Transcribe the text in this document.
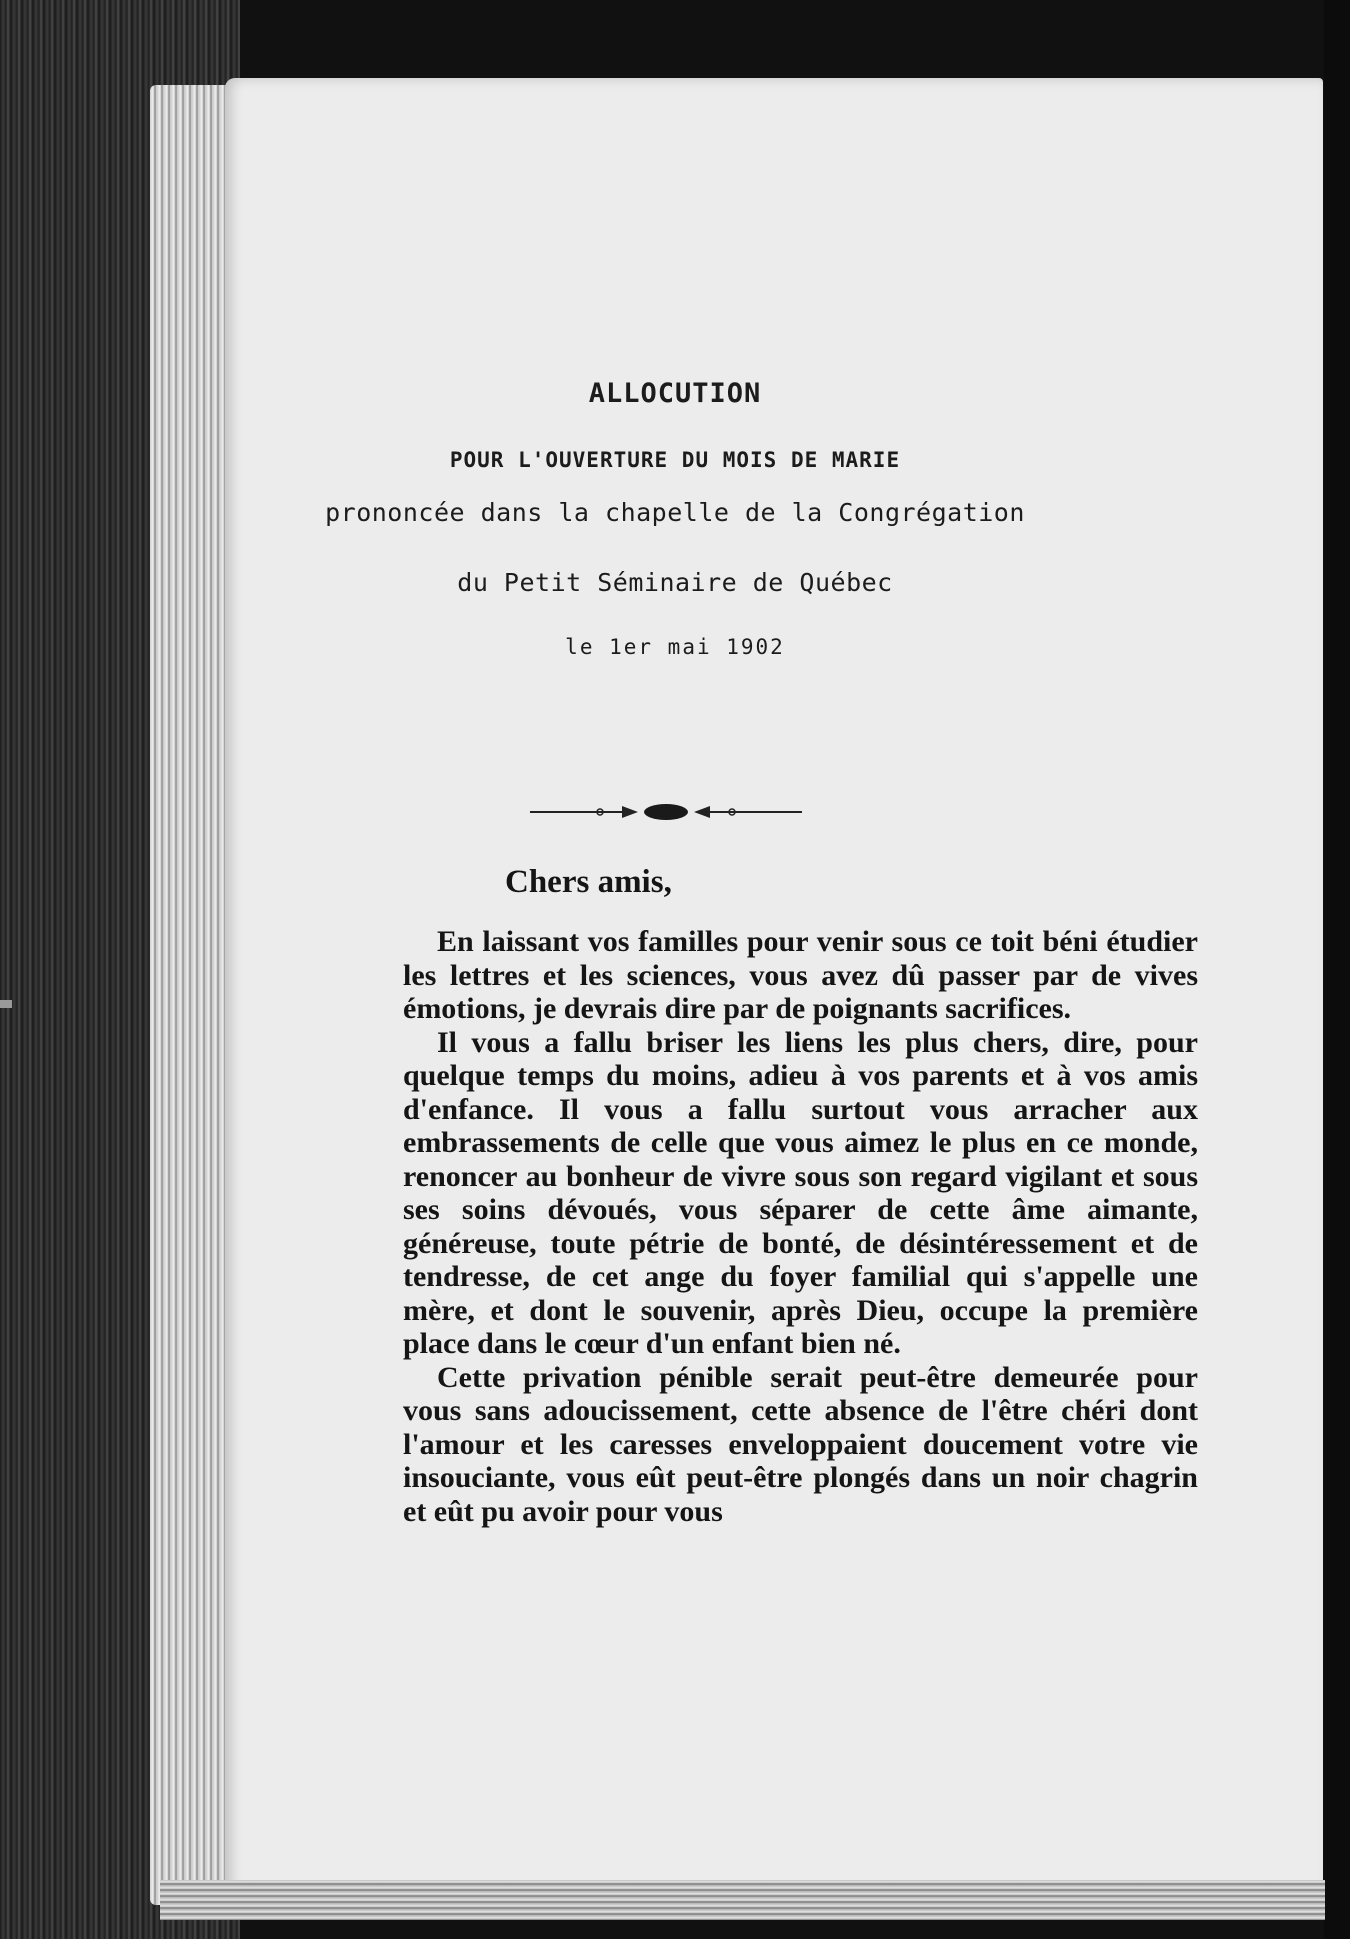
ALLOCUTION
POUR L'OUVERTURE DU MOIS DE MARIE
prononcée dans la chapelle de la Congrégation
du Petit Séminaire de Québec
le 1er mai 1902
Chers amis,

En laissant vos familles pour venir sous ce toit béni étudier les lettres et les sciences, vous avez dû passer par de vives émotions, je devrais dire par de poignants sacrifices.

Il vous a fallu briser les liens les plus chers, dire, pour quelque temps du moins, adieu à vos parents et à vos amis d'enfance. Il vous a fallu surtout vous arracher aux embrassements de celle que vous aimez le plus en ce monde, renoncer au bonheur de vivre sous son regard vigilant et sous ses soins dévoués, vous séparer de cette âme aimante, généreuse, toute pétrie de bonté, de désintéressement et de tendresse, de cet ange du foyer familial qui s'appelle une mère, et dont le souvenir, après Dieu, occupe la première place dans le cœur d'un enfant bien né.

Cette privation pénible serait peut-être demeurée pour vous sans adoucissement, cette absence de l'être chéri dont l'amour et les caresses enveloppaient doucement votre vie insouciante, vous eût peut-être plongés dans un noir chagrin et eût pu avoir pour vous
